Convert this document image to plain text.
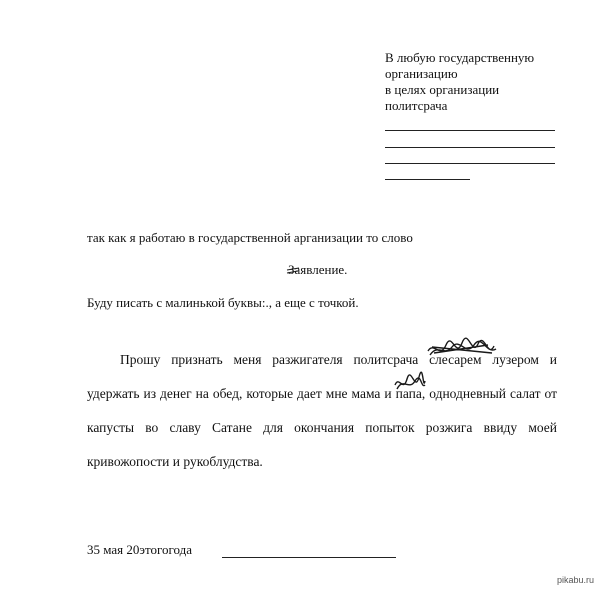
В любую государственную
организацию
в целях организации
политсрача
так как я работаю в государственной арганизации то слово
Заявление.
Буду писать с малинькой буквы:., а еще с точкой.
Прошу признать меня разжигателя политсрача слесарем лузером и удержать из денег на обед, которые дает мне мама и папа
, однодневный салат от капусты во славу Сатане для окончания попыток розжига ввиду моей кривожопости и рукоблудства.
35 мая 20этогогода
pikabu.ru
